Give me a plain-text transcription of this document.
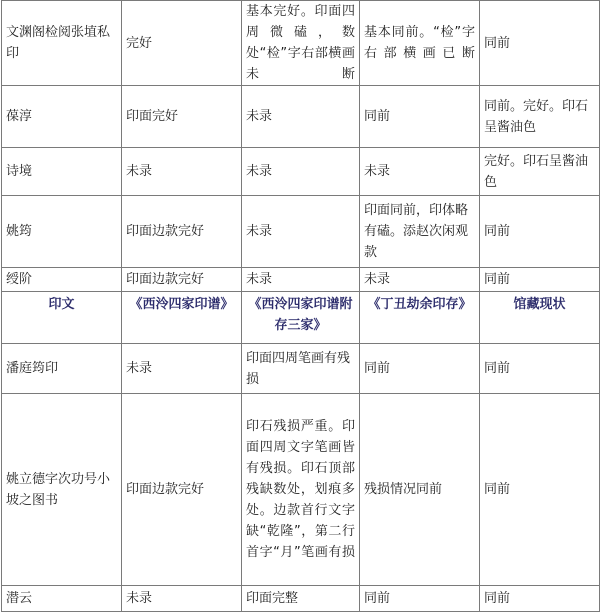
文渊阁检阅张埴私印	完好	基本完好。印面四周微磕，数处“检”字右部横画未断	基本同前。“检”字右部横画已断	同前
葆淳	印面完好	未录	同前	同前。完好。印石呈酱油色
诗境	未录	未录	未录	完好。印石呈酱油色
姚筠	印面边款完好	未录	印面同前，印体略有磕。添赵次闲观款	同前
绶阶	印面边款完好	未录	未录	同前
印文	《西泠四家印谱》	《西泠四家印谱附存三家》	《丁丑劫余印存》	馆藏现状
潘庭筠印	未录	印面四周笔画有残损	同前	同前
姚立德字次功号小坡之图书	印面边款完好	印石残损严重。印面四周文字笔画皆有残损。印石顶部残缺数处，划痕多处。边款首行文字缺“乾隆”，第二行首字“月”笔画有损	残损情况同前	同前
潜云	未录	印面完整	同前	同前
